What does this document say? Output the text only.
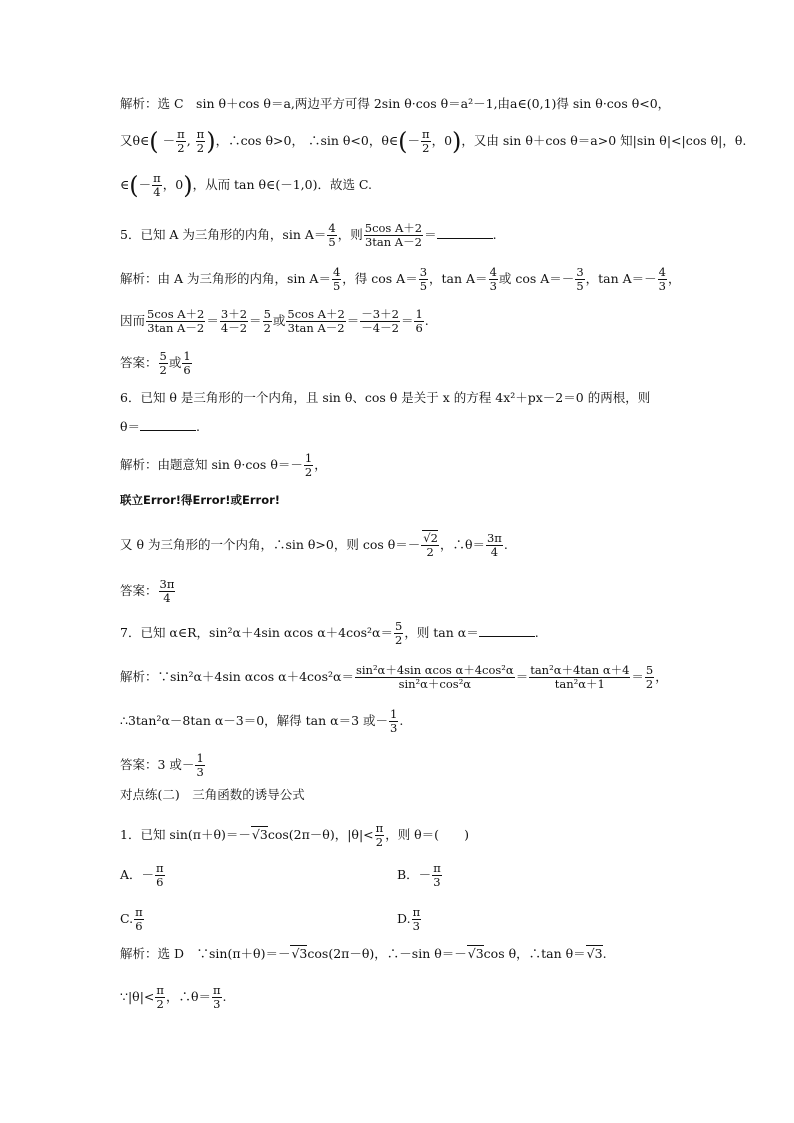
解析：选 C　sin θ＋cos θ＝a,两边平方可得 2sin θ·cos θ＝a²－1,由a∈(0,1)得 sin θ·cos θ<0，
又θ∈( － $\frac{\pi}{2}$ , $\frac{\pi}{2}$ )，∴cos θ>0， ∴sin θ<0，θ∈(－ $\frac{\pi}{2}$ ，0)，又由 sin θ＋cos θ＝a>0 知|sin θ|<|cos θ|，θ.
∈(－ $\frac{\pi}{4}$ ，0)，从而 tan θ∈(－1,0)．故选 C.
5．已知 A 为三角形的内角，$\sin A= \frac{4}{5}$ ，则 $\frac{\text{5cos A＋2}}{\text{3tan A－2}}$ ＝	.
解析：由 A 为三角形的内角，$\sin A= \frac{4}{5}$ ，得 $\cos A= \frac{3}{5}$ ，$\tan A= \frac{4}{3}$ 或 $\cos A=- \frac{3}{5}$ ，$\tan A=- \frac{4}{3}$ ，
因而 $\frac{\text{5cos A＋2}}{\text{3tan A－2}} = \frac{3+2}{4-2} = \frac{5}{2}$ 或 $\frac{\text{5cos A＋2}}{\text{3tan A－2}} = \frac{-3+2}{-4-2} = \frac{1}{6}$ .
答案： $\frac{5}{2}$ 或 $\frac{1}{6}$
6．已知 θ 是三角形的一个内角，且 sin θ、cos θ 是关于 x 的方程 4x²＋px－2＝0 的两根，则
θ＝	.
解析：由题意知 sin θ·cos $\theta=- \frac{1}{2}$ ，
联立Error!得Error!或Error!
又 θ 为三角形的一个内角，∴sin θ>0，则 $\cos \theta=- \frac{√2}{2}$ ，∴θ＝ $\frac{3\pi}{4}$ .
答案： $\frac{3\pi}{4}$
7．已知 α∈R，sin²α＋4sin αcos $\alpha+4\cos^2\alpha= \frac{5}{2}$ ，则 tan α＝	.
解析：∵sin²α＋4sin αcos $\alpha+4\cos^2\alpha= \frac{\text{sin²α＋4sin αcos α＋4cos²α}}{\text{sin²α＋cos²α}} = \frac{\text{tan²α＋4tan α＋4}}{\text{tan²α＋1}} = \frac{5}{2}$ ，
∴3tan²α－8tan α－3＝0，解得 tan α＝3 或－ $\frac{1}{3}$ .
答案：3 或－ $\frac{1}{3}$
对点练(二)　三角函数的诱导公式
1．已知 sin(π＋θ)＝－√3cos(2π－θ)，$|\theta|< \frac{\pi}{2}$ ，则 θ＝(　　)
A．－ $\frac{\pi}{6}$	B．－ $\frac{\pi}{3}$
C. $\frac{\pi}{6}$	D. $\frac{\pi}{3}$
解析：选 D　∵sin(π＋θ)＝－√3cos(2π－θ)，∴－sin θ＝－√3cos θ，∴tan θ＝√3.
∵|θ|< $\frac{\pi}{2}$ ，∴θ＝ $\frac{\pi}{3}$ .
